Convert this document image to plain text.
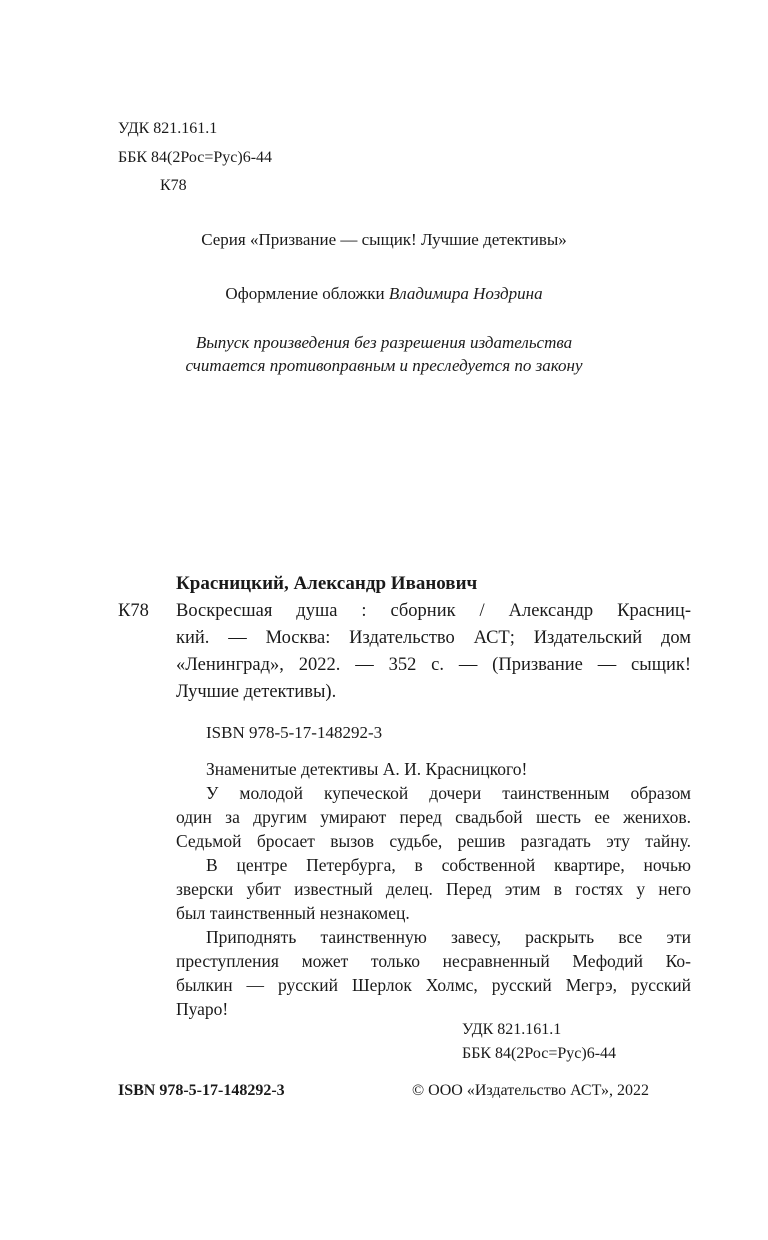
УДК 821.161.1
ББК 84(2Рос=Рус)6-44
К78
Серия «Призвание — сыщик! Лучшие детективы»
Оформление обложки Владимира Ноздрина
Выпуск произведения без разрешения издательства
считается противоправным и преследуется по закону
Красницкий, Александр Иванович
К78 Воскресшая душа : сборник / Александр Красниц-
кий. — Москва: Издательство АСТ; Издательский дом
«Ленинград», 2022. — 352 с. — (Призвание — сыщик!
Лучшие детективы).
ISBN 978-5-17-148292-3
Знаменитые детективы А. И. Красницкого!
У молодой купеческой дочери таинственным образом
один за другим умирают перед свадьбой шесть ее женихов.
Седьмой бросает вызов судьбе, решив разгадать эту тайну.
В центре Петербурга, в собственной квартире, ночью
зверски убит известный делец. Перед этим в гостях у него
был таинственный незнакомец.
Приподнять таинственную завесу, раскрыть все эти
преступления может только несравненный Мефодий Ко-
былкин — русский Шерлок Холмс, русский Мегрэ, русский
Пуаро!
УДК 821.161.1
ББК 84(2Рос=Рус)6-44
ISBN 978-5-17-148292-3	© ООО «Издательство АСТ», 2022
